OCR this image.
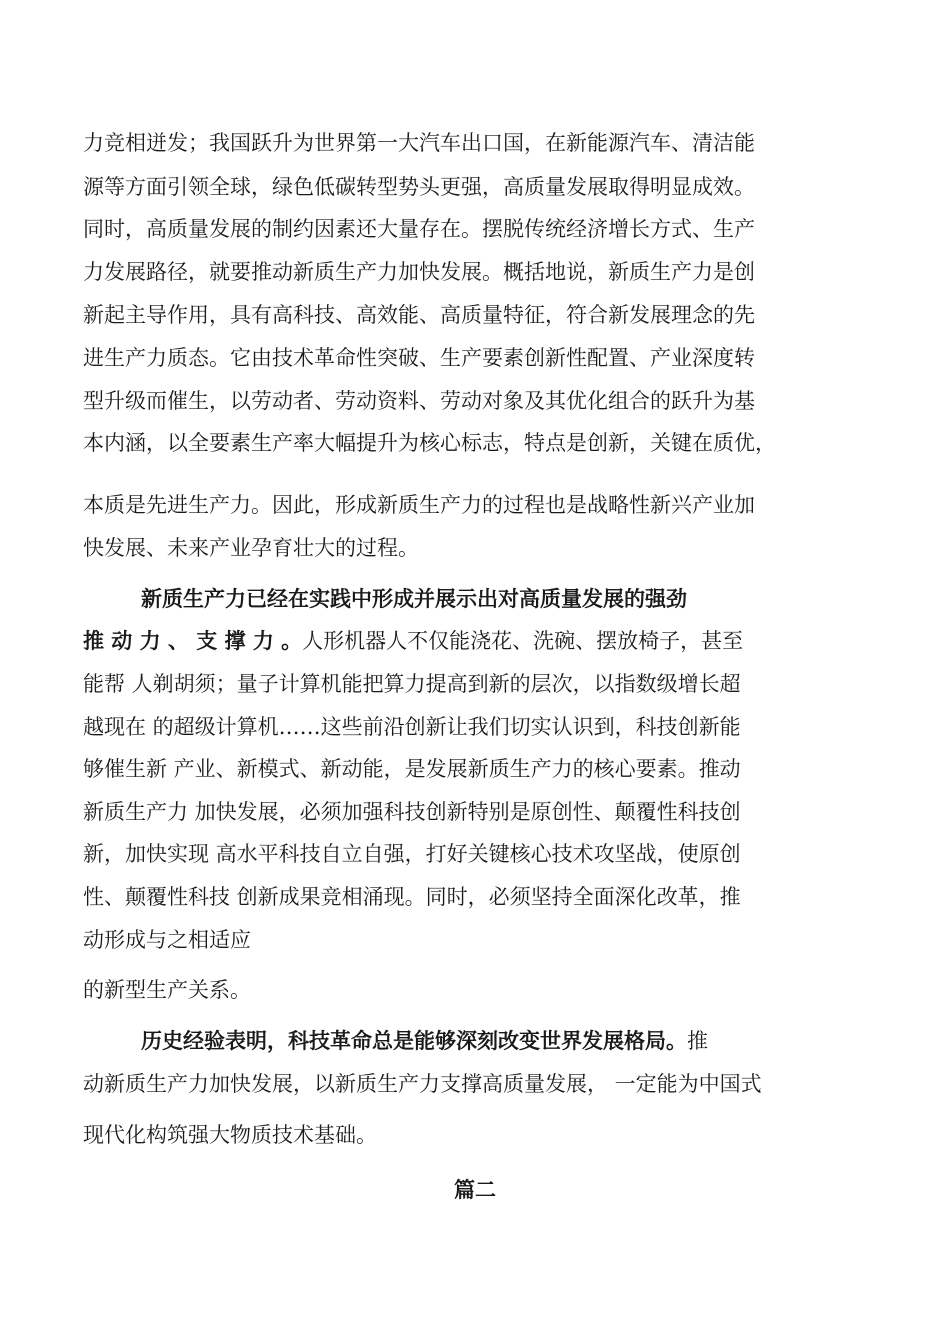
力竞相迸发；我国跃升为世界第一大汽车出口国，在新能源汽车、清洁能
源等方面引领全球，绿色低碳转型势头更强，高质量发展取得明显成效。
同时，高质量发展的制约因素还大量存在。摆脱传统经济增长方式、生产
力发展路径，就要推动新质生产力加快发展。概括地说，新质生产力是创
新起主导作用，具有高科技、高效能、高质量特征，符合新发展理念的先
进生产力质态。它由技术革命性突破、生产要素创新性配置、产业深度转
型升级而催生，以劳动者、劳动资料、劳动对象及其优化组合的跃升为基
本内涵，以全要素生产率大幅提升为核心标志，特点是创新，关键在质优，
本质是先进生产力。因此，形成新质生产力的过程也是战略性新兴产业加
快发展、未来产业孕育壮大的过程。
新质生产力已经在实践中形成并展示出对高质量发展的强劲
推 动 力 、 支 撑 力 。人形机器人不仅能浇花、洗碗、摆放椅子，甚至
能帮 人剃胡须；量子计算机能把算力提高到新的层次，以指数级增长超
越现在 的超级计算机……这些前沿创新让我们切实认识到，科技创新能
够催生新 产业、新模式、新动能，是发展新质生产力的核心要素。推动
新质生产力 加快发展，必须加强科技创新特别是原创性、颠覆性科技创
新，加快实现 高水平科技自立自强，打好关键核心技术攻坚战，使原创
性、颠覆性科技 创新成果竞相涌现。同时，必须坚持全面深化改革，推
动形成与之相适应
的新型生产关系。
历史经验表明，科技革命总是能够深刻改变世界发展格局。推
动新质生产力加快发展，以新质生产力支撑高质量发展， 一定能为中国式
现代化构筑强大物质技术基础。
篇二
